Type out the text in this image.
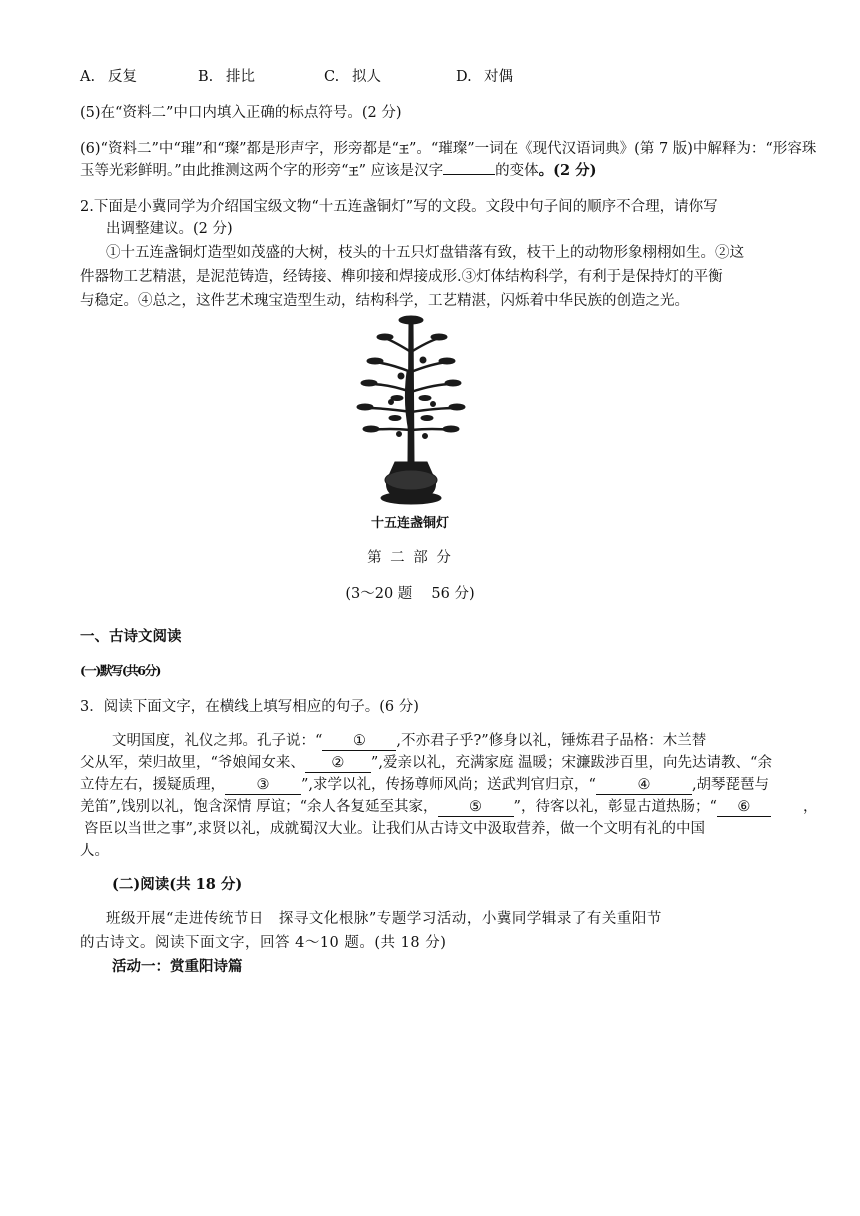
A. 反复	B. 排比	C. 拟人	D. 对偶
(5)在“资料二”中口内填入正确的标点符号。(2 分)
(6)“资料二”中“璀”和“璨”都是形声字，形旁都是“王”。“璀璨”一词在《现代汉语词典》(第 7 版)中解释为：“形容珠
玉等光彩鲜明。”由此推测这两个字的形旁“王” 应该是汉字	的变体。(2 分)
2.下面是小冀同学为介绍国宝级文物“十五连盏铜灯”写的文段。文段中句子间的顺序不合理，请你写
出调整建议。(2 分)
①十五连盏铜灯造型如茂盛的大树，枝头的十五只灯盘错落有致，枝干上的动物形象栩栩如生。②这
件器物工艺精湛，是泥范铸造，经铸接、榫卯接和焊接成形.③灯体结构科学，有利于是保持灯的平衡
与稳定。④总之，这件艺术瑰宝造型生动，结构科学，工艺精湛，闪烁着中华民族的创造之光。
十五连盏铜灯
第 二 部 分
(3～20 题　 56 分)
一、古诗文阅读
(一)默写(共6分)
3．阅读下面文字，在横线上填写相应的句子。(6 分)
文明国度，礼仪之邦。孔子说：“ ① ,不亦君子乎?”修身以礼，锤炼君子品格：木兰替
父从军，荣归故里，“爷娘闻女来、 ② ”,爱亲以礼，充满家庭 温暖；宋濂跋涉百里，向先达请教、“余
立侍左右，援疑质理， ③ ”,求学以礼，传扬尊师风尚；送武判官归京，“	④	,胡琴琵琶与
羌笛”,饯别以礼，饱含深情 厚谊；“余人各复延至其家， ⑤ ”，待客以礼，彰显古道热肠；“ ⑥	，
咨臣以当世之事”,求贤以礼，成就蜀汉大业。让我们从古诗文中汲取营养，做一个文明有礼的中国
人。
(二)阅读(共 18 分)
班级开展“走进传统节日　探寻文化根脉”专题学习活动，小冀同学辑录了有关重阳节
的古诗文。阅读下面文字，回答 4～10 题。(共 18 分)
活动一：赏重阳诗篇
